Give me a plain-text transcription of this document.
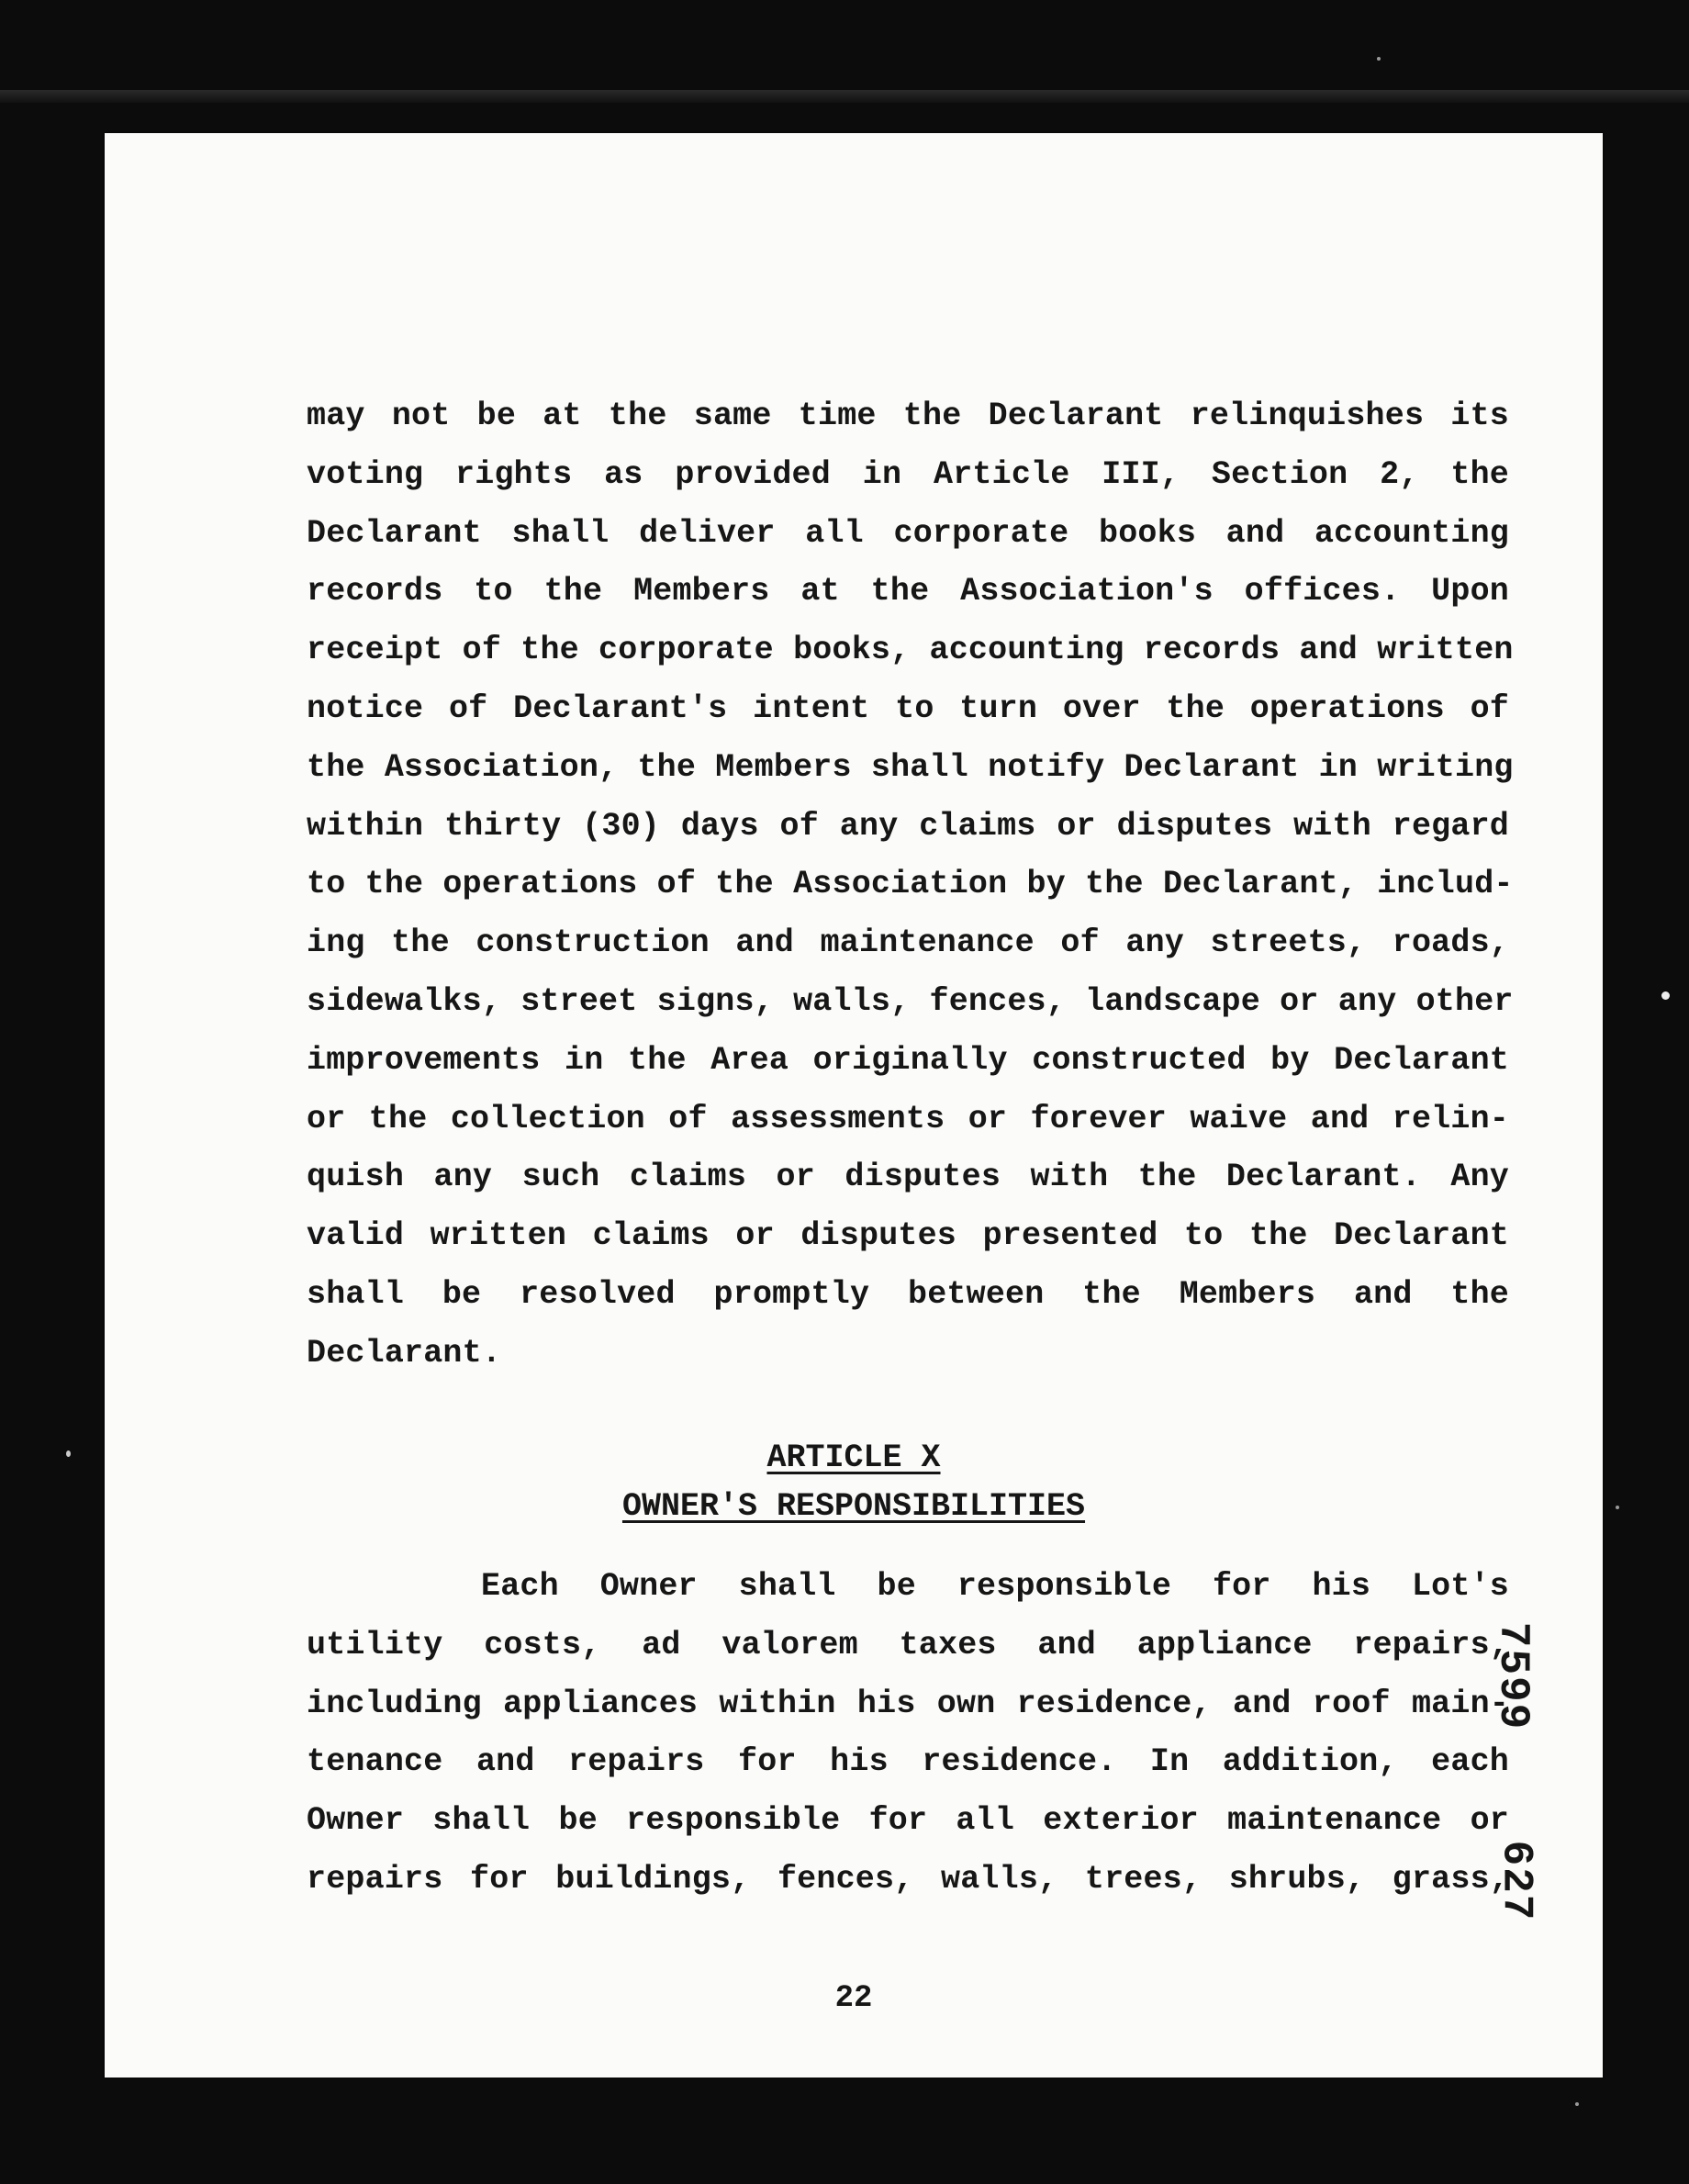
may not be at the same time the Declarant relinquishes its
voting rights as provided in Article III, Section 2, the
Declarant shall deliver all corporate books and accounting
records to the Members at the Association's offices. Upon
receipt of the corporate books, accounting records and written
notice of Declarant's intent to turn over the operations of
the Association, the Members shall notify Declarant in writing
within thirty (30) days of any claims or disputes with regard
to the operations of the Association by the Declarant, includ-
ing the construction and maintenance of any streets, roads,
sidewalks, street signs, walls, fences, landscape or any other
improvements in the Area originally constructed by Declarant
or the collection of assessments or forever waive and relin-
quish any such claims or disputes with the Declarant. Any
valid written claims or disputes presented to the Declarant
shall be resolved promptly between the Members and the
Declarant.
ARTICLE X
OWNER'S RESPONSIBILITIES
Each Owner shall be responsible for his Lot's
utility costs, ad valorem taxes and appliance repairs,
including appliances within his own residence, and roof main-
tenance and repairs for his residence. In addition, each
Owner shall be responsible for all exterior maintenance or
repairs for buildings, fences, walls, trees, shrubs, grass,
22
7599
627
